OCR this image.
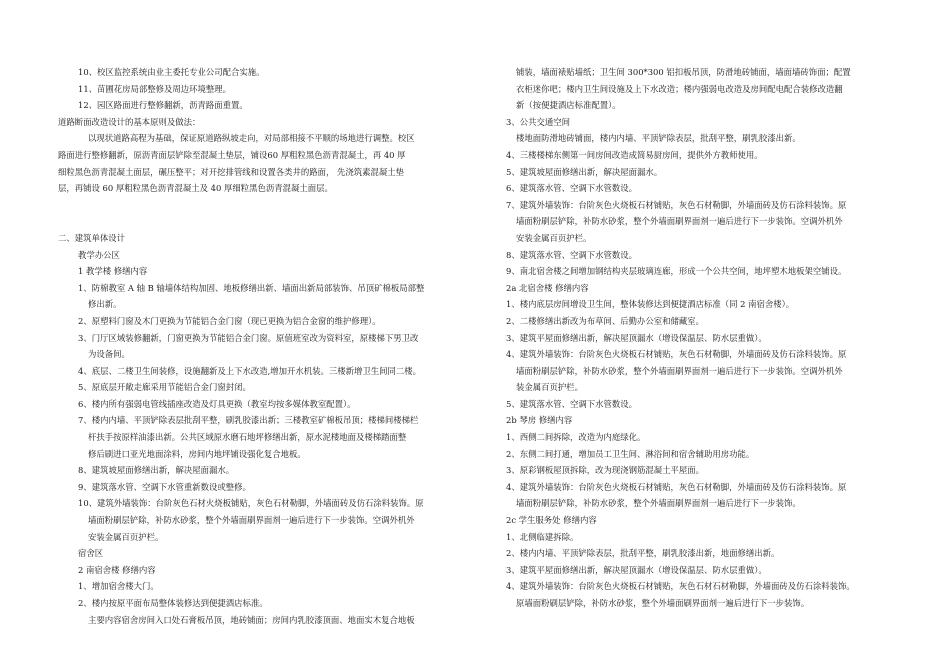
10、校区监控系统由业主委托专业公司配合实施。

11、苗圃花房局部整修及周边环境整理。

12、园区路面进行整修翻新，沥青路面重置。

道路断面改造设计的基本原则及做法：

以现状道路高程为基础，保证原道路纵坡走向，对局部相接不平顺的场地进行调整。校区

路面进行整修翻新，原沥青面层铲除至混凝土垫层，铺设60 厚粗粒黑色沥青混凝土，再 40 厚

细粒黑色沥青混凝土面层，碾压整平；对开挖排管线和设置各类井的路面， 先浇筑素混凝土垫

层，再铺设 60 厚粗粒黑色沥青混凝土及 40 厚细粒黑色沥青混凝土面层。

二、建筑单体设计

教学办公区

1 教学楼 修缮内容

1、防棉教室 A 轴 B 轴墙体结构加固、地板修缮出新、墙面出新局部装饰、吊顶矿棉板局部整

修出新。

2、原塑料门窗及木门更换为节能铝合金门窗（现已更换为铝合金窗的维护修理）。

3、门厅区域装修翻新，门窗更换为节能铝合金门窗。原值班室改为资料室，原楼梯下男卫改

为设备间。

4、底层、二楼卫生间装修，设施翻新及上下水改造,增加开水机装。三楼新增卫生间同二楼。

5、原底层开敞走廊采用节能铝合金门窗封闭。

6、楼内所有强弱电管线插座改造及灯具更换（教室均按多媒体教室配置）。

7、楼内内墙、平顶铲除表层批刮平整，刷乳胶漆出新；三楼教室矿棉板吊顶；楼梯间楼梯栏

杆扶手按原样油漆出新。公共区域原水磨石地坪修缮出新，原水泥楼地面及楼梯踏面整

修后刷进口亚光地面涂料，房间内地坪铺设强化复合地板。

8、建筑坡屋面修缮出新，解决屋面漏水。

9、建筑落水管、空调下水管重新数设或整修。

10、建筑外墙装饰：台阶灰色石材火烧板铺贴，灰色石材勒脚，外墙面砖及仿石涂料装饰。原

墙面粉刷层铲除，补防水砂浆，整个外墙面刷界面剂一遍后进行下一步装饰。空调外机外

安装金属百页护栏。

宿舍区

2 南宿舍楼 修缮内容

1、增加宿舍楼大门。

2、楼内按原平面布局整体装修达到便捷酒店标准。

主要内容宿舍房间入口处石膏板吊顶，地砖铺面；房间内乳胶漆顶面、地面实木复合地板

铺装，墙面裱贴墙纸；卫生间 300*300 铝扣板吊顶，防滑地砖铺面，墙面墙砖饰面；配置

衣柜迷你吧；楼内卫生间设施及上下水改造；楼内强弱电改造及房间配电配合装修改造翻

新（按便捷酒店标准配置）。

3、公共交通空间

楼地面防滑地砖铺面，楼内内墙、平顶铲除表层，批刮平整，刷乳胶漆出新。

4、三楼楼梯东侧第一间房间改造成简易厨房间，提供外方教师使用。

5、建筑坡屋面修缮出新，解决屋面漏水。

6、建筑落水管、空调下水管数设。

7、建筑外墙装饰：台阶灰色火烧板石材铺贴，灰色石材勒脚，外墙面砖及仿石涂料装饰。原

墙面粉刷层铲除，补防水砂浆，整个外墙面刷界面剂一遍后进行下一步装饰。空调外机外

安装金属百页护栏。

8、建筑落水管、空调下水管数设。

9、南北宿舍楼之间增加钢结构夹层玻璃连廊，形成一个公共空间，地坪塑木地板架空铺设。

2a 北宿舍楼 修缮内容

1、楼内底层房间增设卫生间，整体装修达到便捷酒店标准（同 2 南宿舍楼）。

2、二楼修缮出新改为布草间、后勤办公室和储藏室。

3、建筑平屋面修缮出新，解决屋顶漏水（增设保温层、防水层重做）。

4、建筑外墙装饰：台阶灰色火烧板石材铺贴，灰色石材勒脚，外墙面砖及仿石涂料装饰。原

墙面粉刷层铲除，补防水砂浆，整个外墙面刷界面剂一遍后进行下一步装饰。空调外机外

装金属百页护栏。

5、建筑落水管、空调下水管数设。

2b 琴房 修缮内容

1、西侧二间拆除，改造为内庭绿化。

2、东侧二间打通，增加员工卫生间、淋浴间和宿舍辅助用房功能。

3、原彩钢板屋顶拆除，改为现浇钢筋混凝土平屋面。

4、建筑外墙装饰：台阶灰色火烧板石材铺贴，灰色石材勒脚，外墙面砖及仿石涂料装饰。原

墙面粉刷层铲除，补防水砂浆，整个外墙面刷界面剂一遍后进行下一步装饰。

2c 学生服务处 修缮内容

1、北侧临建拆除。

2、楼内内墙、平顶铲除表层，批刮平整，刷乳胶漆出新，地面修缮出新。

3、建筑平屋面修缮出新，解决屋顶漏水（增设保温层、防水层重做）。

4、建筑外墙装饰：台阶灰色火烧板石材铺贴，灰色石材石材勒脚，外墙面砖及仿石涂料装饰。

原墙面粉刷层铲除，补防水砂浆，整个外墙面刷界面剂一遍后进行下一步装饰。
